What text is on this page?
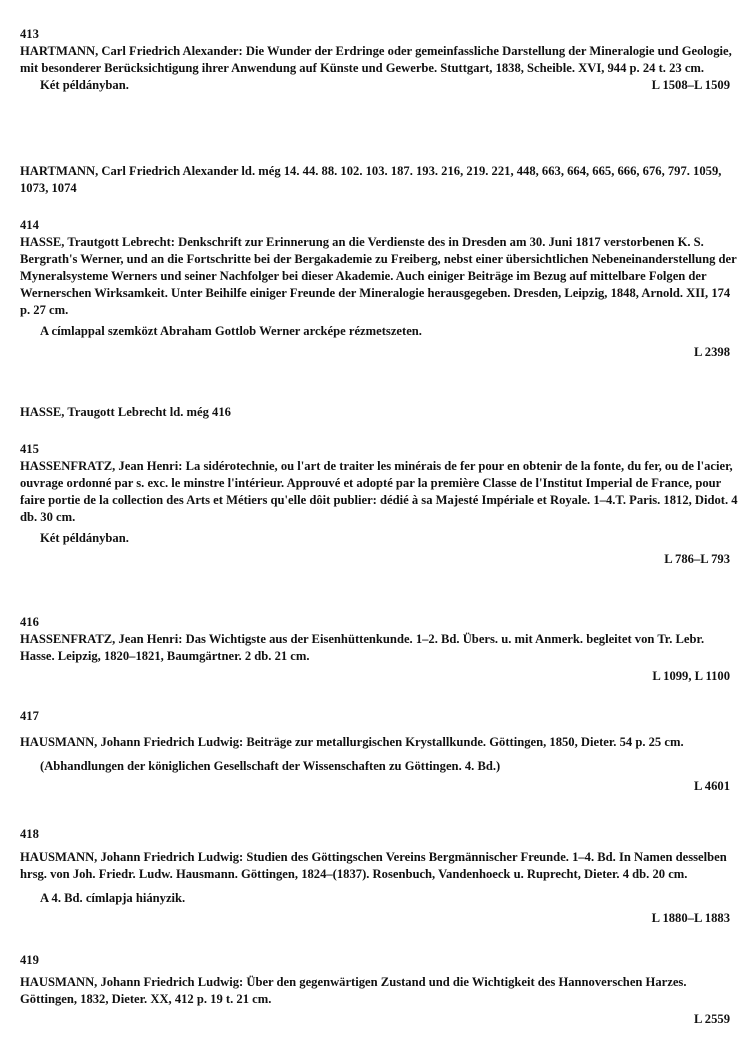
413
HARTMANN, Carl Friedrich Alexander: Die Wunder der Erdringe oder gemeinfassliche Darstellung der Mineralogie und Geologie, mit besonderer Berücksichtigung ihrer Anwendung auf Künste und Gewerbe. Stuttgart, 1838, Scheible. XVI, 944 p. 24 t. 23 cm.
L 1508–L 1509
Két példányban.
HARTMANN, Carl Friedrich Alexander ld. még 14. 44. 88. 102. 103. 187. 193. 216, 219. 221, 448, 663, 664, 665, 666, 676, 797. 1059, 1073, 1074
414
HASSE, Trautgott Lebrecht: Denkschrift zur Erinnerung an die Verdienste des in Dresden am 30. Juni 1817 verstorbenen K. S. Bergrath's Werner, und an die Fortschritte bei der Bergakademie zu Freiberg, nebst einer übersichtlichen Nebeneinanderstellung der Myneralsysteme Werners und seiner Nachfolger bei dieser Akademie. Auch einiger Beiträge im Bezug auf mittelbare Folgen der Wernerschen Wirksamkeit. Unter Beihilfe einiger Freunde der Mineralogie herausgegeben. Dresden, Leipzig, 1848, Arnold. XII, 174 p. 27 cm.
A címlappal szemközt Abraham Gottlob Werner arcképe rézmetszeten.
L 2398
HASSE, Traugott Lebrecht ld. még 416
415
HASSENFRATZ, Jean Henri: La sidérotechnie, ou l'art de traiter les minérais de fer pour en obtenir de la fonte, du fer, ou de l'acier, ouvrage ordonné par s. exc. le minstre l'intérieur. Approuvé et adopté par la première Classe de l'Institut Imperial de France, pour faire portie de la collection des Arts et Métiers qu'elle dôit publier: dédié à sa Majesté Impériale et Royale. 1–4.T. Paris. 1812, Didot. 4 db. 30 cm.
Két példányban.
L 786–L 793
416
HASSENFRATZ, Jean Henri: Das Wichtigste aus der Eisenhüttenkunde. 1–2. Bd. Übers. u. mit Anmerk. begleitet von Tr. Lebr. Hasse. Leipzig, 1820–1821, Baumgärtner. 2 db. 21 cm.
L 1099, L 1100
417
HAUSMANN, Johann Friedrich Ludwig: Beiträge zur metallurgischen Krystallkunde. Göttingen, 1850, Dieter. 54 p. 25 cm.
(Abhandlungen der königlichen Gesellschaft der Wissenschaften zu Göttingen. 4. Bd.)
L 4601
418
HAUSMANN, Johann Friedrich Ludwig: Studien des Göttingschen Vereins Bergmännischer Freunde. 1–4. Bd. In Namen desselben hrsg. von Joh. Friedr. Ludw. Hausmann. Göttingen, 1824–(1837). Rosenbuch, Vandenhoeck u. Ruprecht, Dieter. 4 db. 20 cm.
A 4. Bd. címlapja hiányzik.
L 1880–L 1883
419
HAUSMANN, Johann Friedrich Ludwig: Über den gegenwärtigen Zustand und die Wichtigkeit des Hannoverschen Harzes. Göttingen, 1832, Dieter. XX, 412 p. 19 t. 21 cm.
L 2559
